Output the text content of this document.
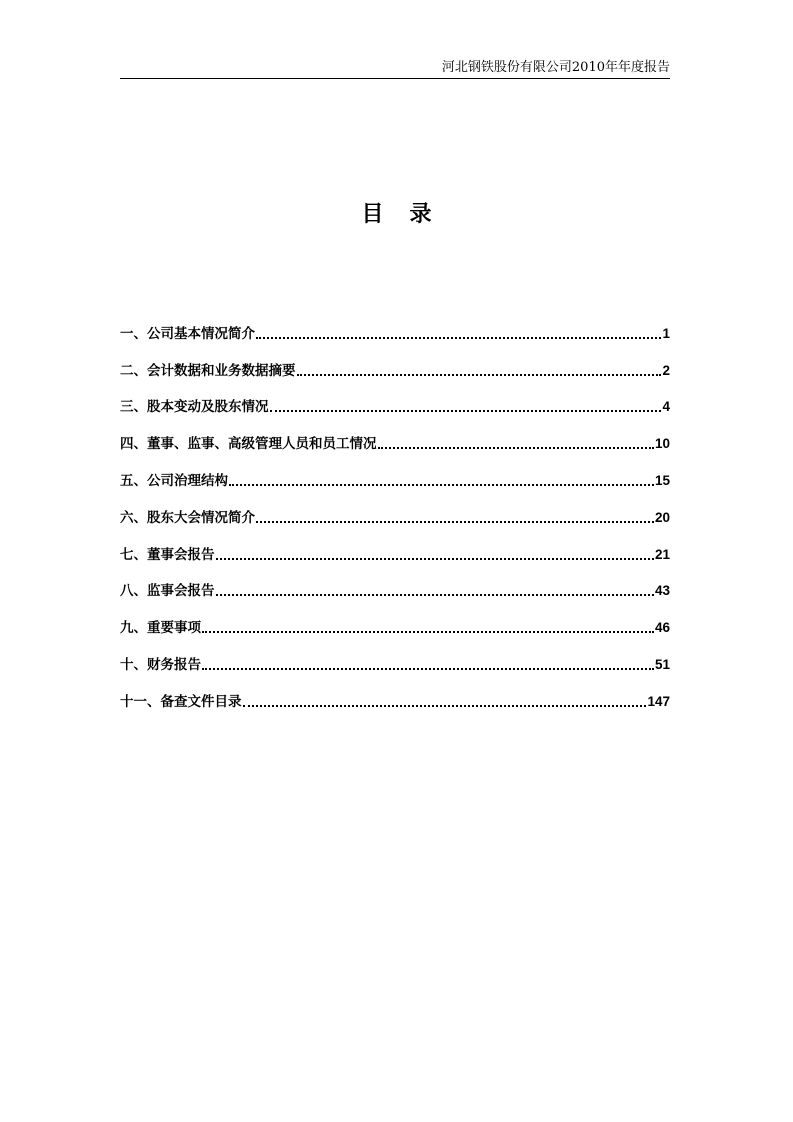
河北钢铁股份有限公司2010年年度报告
目录
一、公司基本情况简介	1
二、会计数据和业务数据摘要	2
三、股本变动及股东情况	4
四、董事、监事、高级管理人员和员工情况	10
五、公司治理结构	15
六、股东大会情况简介	20
七、董事会报告	21
八、监事会报告	43
九、重要事项	46
十、财务报告	51
十一、备查文件目录	147
